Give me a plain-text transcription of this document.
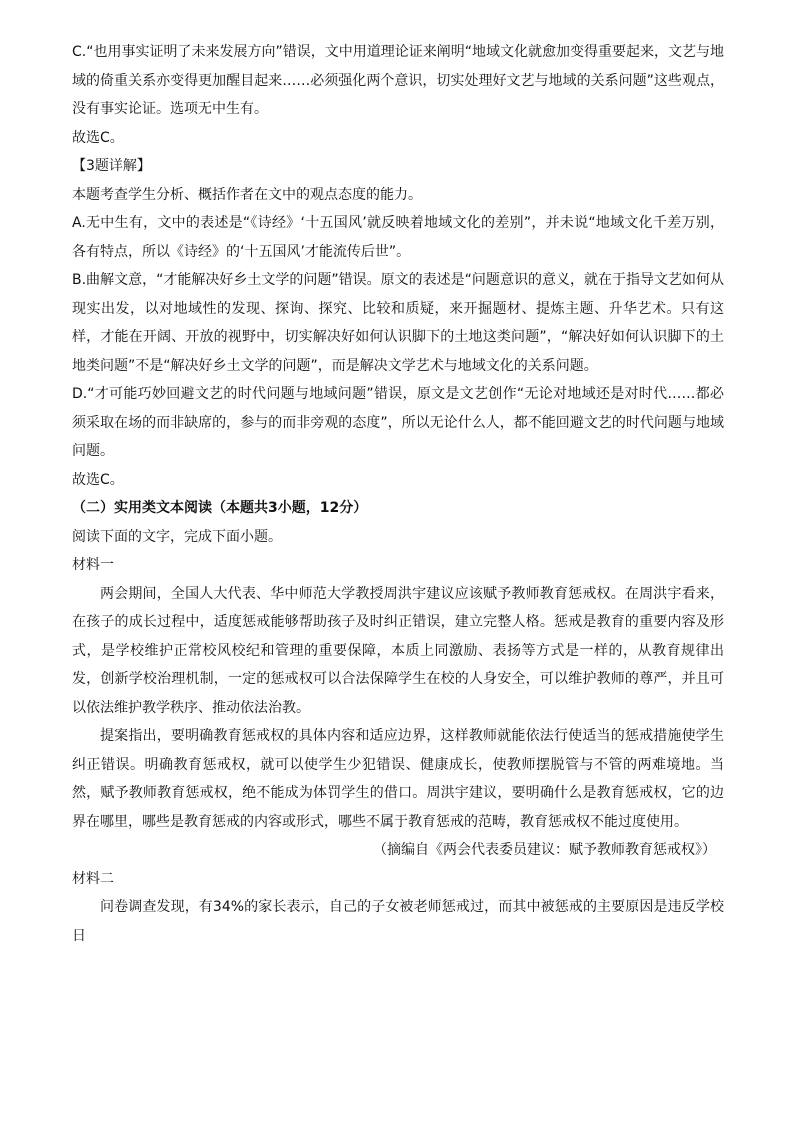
C.“也用事实证明了未来发展方向”错误，文中用道理论证来阐明“地域文化就愈加变得重要起来，文艺与地域的倚重关系亦变得更加醒目起来……必须强化两个意识，切实处理好文艺与地域的关系问题”这些观点，没有事实论证。选项无中生有。

故选C。

【3题详解】

本题考查学生分析、概括作者在文中的观点态度的能力。

A.无中生有，文中的表述是“《诗经》‘十五国风’就反映着地域文化的差别”，并未说“地域文化千差万别，各有特点，所以《诗经》的‘十五国风’才能流传后世”。

B.曲解文意，“才能解决好乡土文学的问题”错误。原文的表述是“问题意识的意义，就在于指导文艺如何从现实出发，以对地域性的发现、探询、探究、比较和质疑，来开掘题材、提炼主题、升华艺术。只有这样，才能在开阔、开放的视野中，切实解决好如何认识脚下的土地这类问题”，“解决好如何认识脚下的土地类问题”不是“解决好乡土文学的问题”，而是解决文学艺术与地域文化的关系问题。

D.“才可能巧妙回避文艺的时代问题与地域问题”错误，原文是文艺创作“无论对地域还是对时代……都必须采取在场的而非缺席的，参与的而非旁观的态度”，所以无论什么人，都不能回避文艺的时代问题与地域问题。

故选C。

（二）实用类文本阅读（本题共3小题，12分）

阅读下面的文字，完成下面小题。

材料一

两会期间，全国人大代表、华中师范大学教授周洪宇建议应该赋予教师教育惩戒权。在周洪宇看来，在孩子的成长过程中，适度惩戒能够帮助孩子及时纠正错误，建立完整人格。惩戒是教育的重要内容及形式，是学校维护正常校风校纪和管理的重要保障，本质上同激励、表扬等方式是一样的，从教育规律出发，创新学校治理机制，一定的惩戒权可以合法保障学生在校的人身安全，可以维护教师的尊严，并且可以依法维护教学秩序、推动依法治教。

提案指出，要明确教育惩戒权的具体内容和适应边界，这样教师就能依法行使适当的惩戒措施使学生纠正错误。明确教育惩戒权，就可以使学生少犯错误、健康成长，使教师摆脱管与不管的两难境地。当然，赋予教师教育惩戒权，绝不能成为体罚学生的借口。周洪宇建议，要明确什么是教育惩戒权，它的边界在哪里，哪些是教育惩戒的内容或形式，哪些不属于教育惩戒的范畴，教育惩戒权不能过度使用。

（摘编自《两会代表委员建议：赋予教师教育惩戒权》）

材料二

问卷调查发现，有34%的家长表示，自己的子女被老师惩戒过，而其中被惩戒的主要原因是违反学校日
